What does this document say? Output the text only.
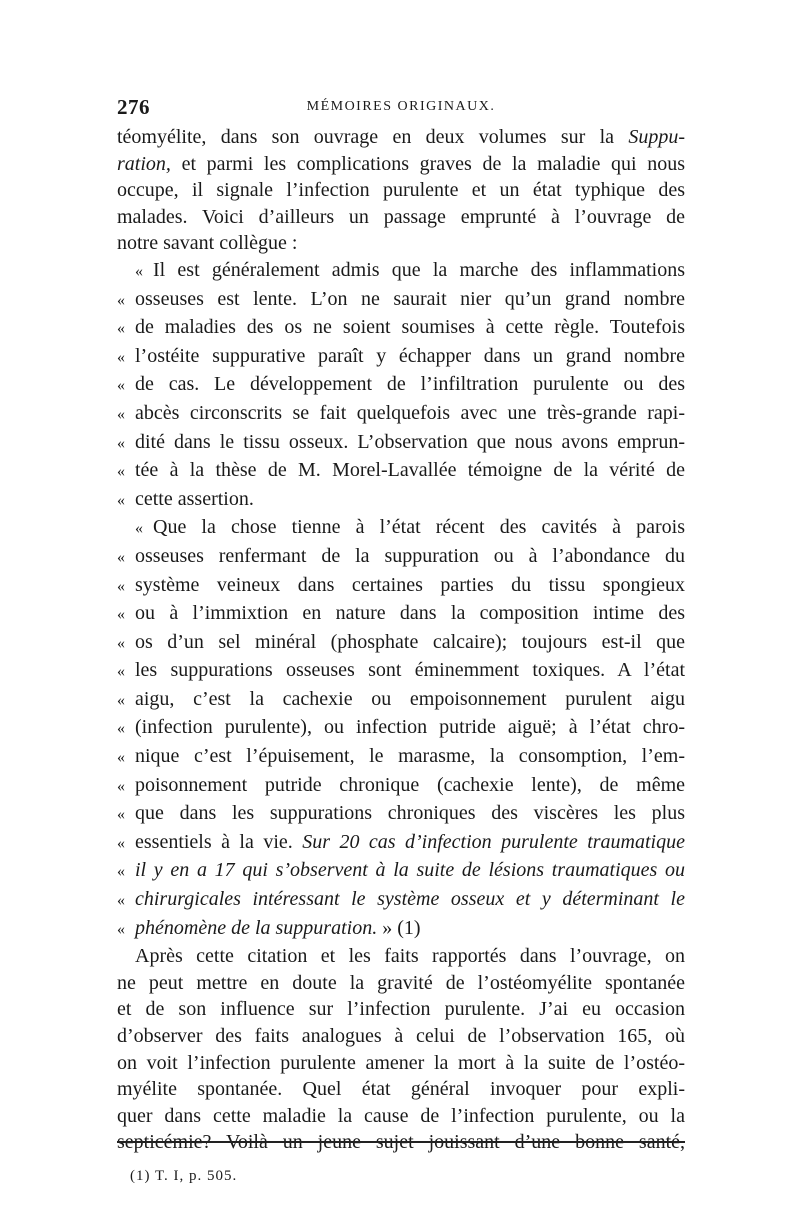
276	MÉMOIRES ORIGINAUX.
téomyélite, dans son ouvrage en deux volumes sur la Suppu-
ration, et parmi les complications graves de la maladie qui nous
occupe, il signale l’infection purulente et un état typhique des
malades. Voici d’ailleurs un passage emprunté à l’ouvrage de
notre savant collègue :
« Il est généralement admis que la marche des inflammations
« osseuses est lente. L’on ne saurait nier qu’un grand nombre
« de maladies des os ne soient soumises à cette règle. Toutefois
« l’ostéite suppurative paraît y échapper dans un grand nombre
« de cas. Le développement de l’infiltration purulente ou des
« abcès circonscrits se fait quelquefois avec une très-grande rapi-
« dité dans le tissu osseux. L’observation que nous avons emprun-
« tée à la thèse de M. Morel-Lavallée témoigne de la vérité de
« cette assertion.
« Que la chose tienne à l’état récent des cavités à parois
« osseuses renfermant de la suppuration ou à l’abondance du
« système veineux dans certaines parties du tissu spongieux
« ou à l’immixtion en nature dans la composition intime des
« os d’un sel minéral (phosphate calcaire); toujours est-il que
« les suppurations osseuses sont éminemment toxiques. A l’état
« aigu, c’est la cachexie ou empoisonnement purulent aigu
« (infection purulente), ou infection putride aiguë; à l’état chro-
« nique c’est l’épuisement, le marasme, la consomption, l’em-
« poisonnement putride chronique (cachexie lente), de même
« que dans les suppurations chroniques des viscères les plus
« essentiels à la vie. Sur 20 cas d’infection purulente traumatique
« il y en a 17 qui s’observent à la suite de lésions traumatiques ou
« chirurgicales intéressant le système osseux et y déterminant le
« phénomène de la suppuration. » (1)
Après cette citation et les faits rapportés dans l’ouvrage, on
ne peut mettre en doute la gravité de l’ostéomyélite spontanée
et de son influence sur l’infection purulente. J’ai eu occasion
d’observer des faits analogues à celui de l’observation 165, où
on voit l’infection purulente amener la mort à la suite de l’ostéo-
myélite spontanée. Quel état général invoquer pour expli-
quer dans cette maladie la cause de l’infection purulente, ou la
septicémie? Voilà un jeune sujet jouissant d’une bonne santé,
(1) T. I, p. 505.
